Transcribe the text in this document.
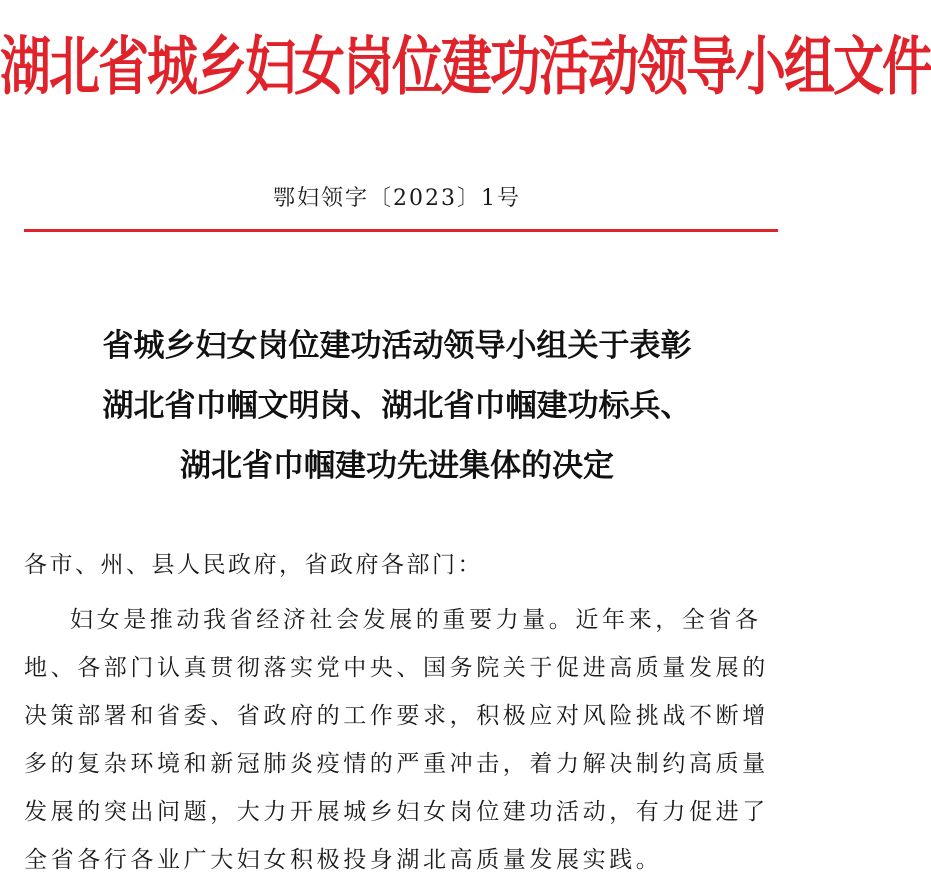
湖北省城乡妇女岗位建功活动领导小组文件
鄂妇领字〔2023〕1号
省城乡妇女岗位建功活动领导小组关于表彰
湖北省巾帼文明岗、湖北省巾帼建功标兵、
湖北省巾帼建功先进集体的决定
各市、州、县人民政府，省政府各部门：
妇女是推动我省经济社会发展的重要力量。近年来，全省各
地、各部门认真贯彻落实党中央、国务院关于促进高质量发展的
决策部署和省委、省政府的工作要求，积极应对风险挑战不断增
多的复杂环境和新冠肺炎疫情的严重冲击，着力解决制约高质量
发展的突出问题，大力开展城乡妇女岗位建功活动，有力促进了
全省各行各业广大妇女积极投身湖北高质量发展实践。
